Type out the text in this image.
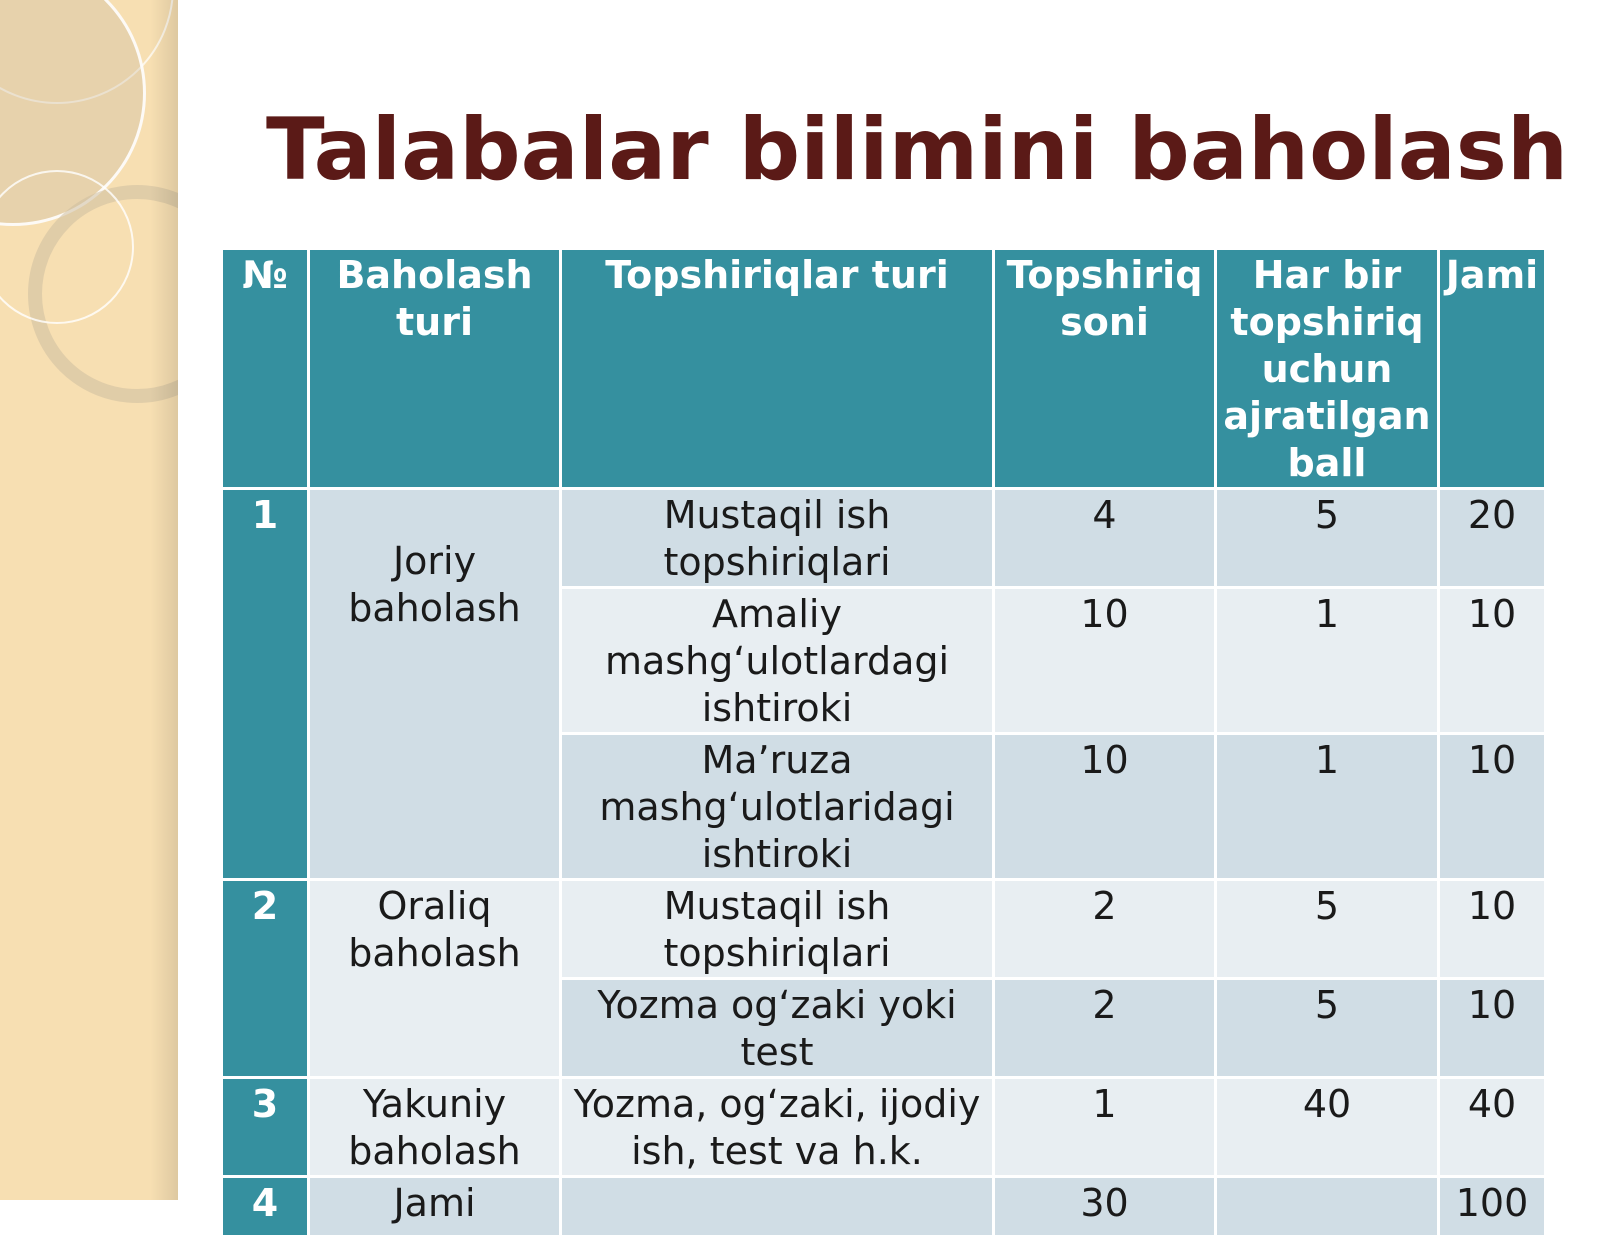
Talabalar bilimini baholash
№	Baholash turi	Topshiriqlar turi	Topshiriq soni	Har bir topshiriq uchun ajratilgan ball	Jami
1	Joriy baholash	Mustaqil ish topshiriqlari	4	5	20
		Amaliy mashg‘ulotlardagi ishtiroki	10	1	10
		Ma’ruza mashg‘ulotlaridagi ishtiroki	10	1	10
2	Oraliq baholash	Mustaqil ish topshiriqlari	2	5	10
		Yozma og‘zaki yoki test	2	5	10
3	Yakuniy baholash	Yozma, og‘zaki, ijodiy ish, test va h.k.	1	40	40
4	Jami		30		100
